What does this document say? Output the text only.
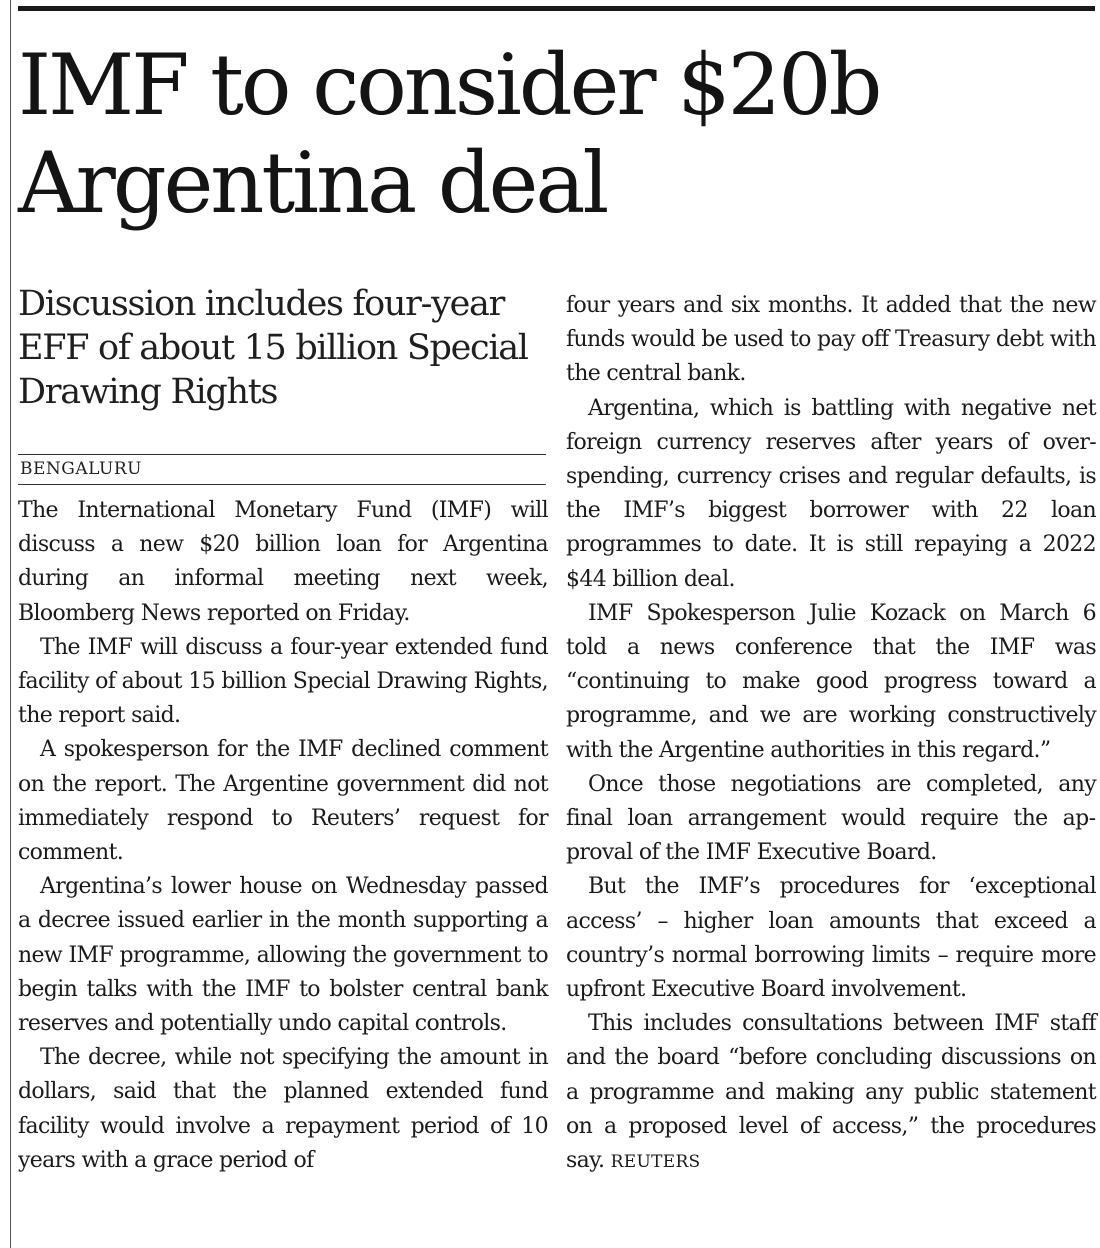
IMF to consider $20b Argentina deal
Discussion includes four-year EFF of about 15 billion Special Drawing Rights
BENGALURU

The International Monetary Fund (IMF) will discuss a new $20 billion loan for Argentina during an informal meeting next week, Bloomberg News reported on Friday.

The IMF will discuss a four-year extended fund facility of about 15 billion Special Drawing Rights, the report said.

A spokesperson for the IMF declined comment on the report. The Argentine government did not immediately respond to Reuters’ request for comment.

Argentina’s lower house on Wednesday passed a decree issued earlier in the month supporting a new IMF programme, allowing the government to begin talks with the IMF to bolster central bank reserves and potentially undo capital controls.

The decree, while not specifying the amount in dollars, said that the planned extended fund facility would involve a repayment period of 10 years with a grace period of

four years and six months. It added that the new funds would be used to pay off Treasury debt with the central bank.

Argentina, which is battling with negative net foreign currency reserves after years of over-spending, currency crises and regular defaults, is the IMF’s biggest borrower with 22 loan programmes to date. It is still repaying a 2022 $44 billion deal.

IMF Spokesperson Julie Kozack on March 6 told a news conference that the IMF was “continuing to make good progress toward a programme, and we are working constructively with the Argentine authorities in this regard.”

Once those negotiations are completed, any final loan arrangement would require the approval of the IMF Executive Board.

But the IMF’s procedures for ‘exceptional access’ – higher loan amounts that exceed a country’s normal borrowing limits – require more upfront Executive Board involvement.

This includes consultations between IMF staff and the board “before concluding discussions on a programme and making any public statement on a proposed level of access,” the procedures say. REUTERS
